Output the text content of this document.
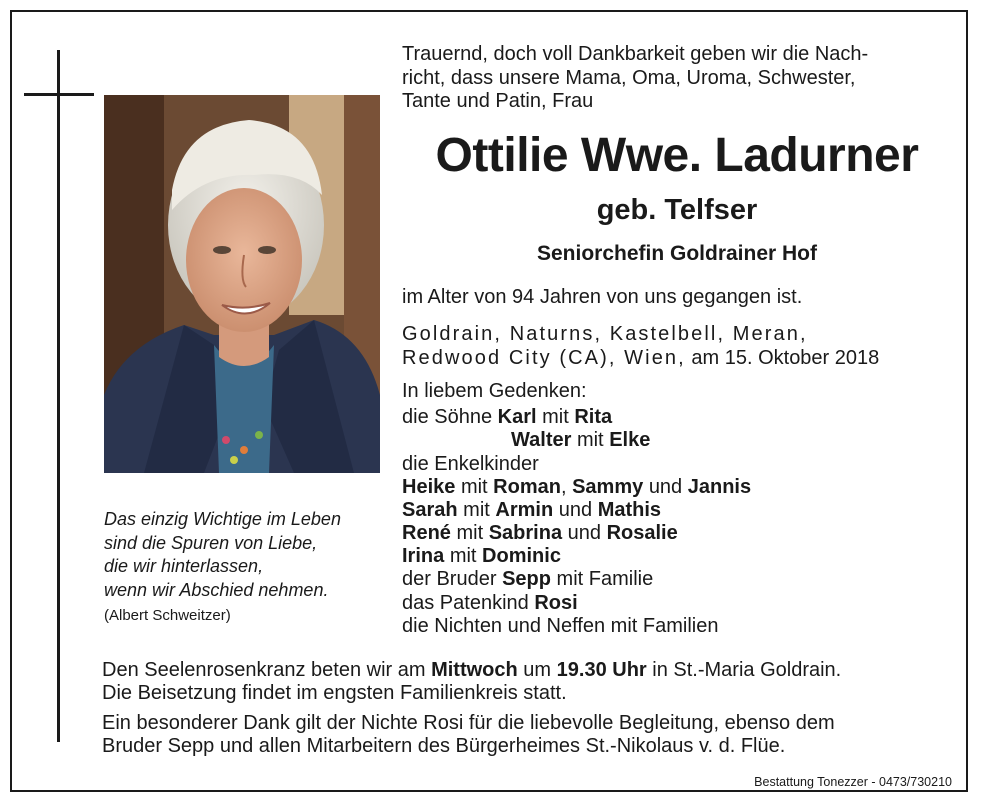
Das einzig Wichtige im Leben
sind die Spuren von Liebe,
die wir hinterlassen,
wenn wir Abschied nehmen.
(Albert Schweitzer)
Trauernd, doch voll Dankbarkeit geben wir die Nach-
richt, dass unsere Mama, Oma, Uroma, Schwester,
Tante und Patin, Frau
Ottilie Wwe. Ladurner
geb. Telfser
Seniorchefin Goldrainer Hof
im Alter von 94 Jahren von uns gegangen ist.
Goldrain, Naturns, Kastelbell, Meran,
Redwood City (CA), Wien, am 15. Oktober 2018
In liebem Gedenken:
die Söhne Karl mit Rita
Walter mit Elke
die Enkelkinder
Heike mit Roman, Sammy und Jannis
Sarah mit Armin und Mathis
René mit Sabrina und Rosalie
Irina mit Dominic
der Bruder Sepp mit Familie
das Patenkind Rosi
die Nichten und Neffen mit Familien
Den Seelenrosenkranz beten wir am Mittwoch um 19.30 Uhr in St.-Maria Goldrain.
Die Beisetzung findet im engsten Familienkreis statt.
Ein besonderer Dank gilt der Nichte Rosi für die liebevolle Begleitung, ebenso dem
Bruder Sepp und allen Mitarbeitern des Bürgerheimes St.-Nikolaus v. d. Flüe.
Bestattung Tonezzer - 0473/730210
